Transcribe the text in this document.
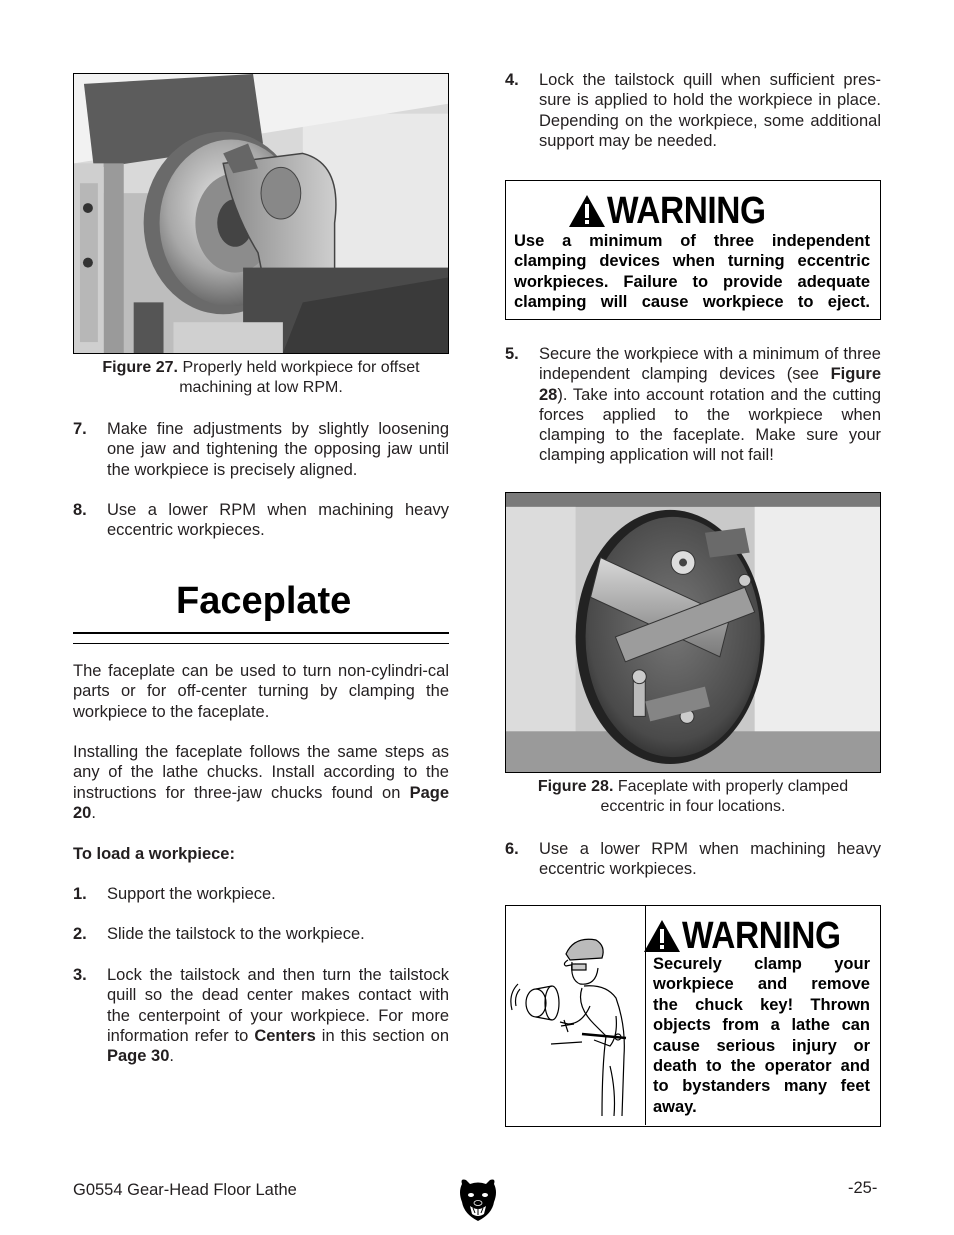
Figure 27. Properly held workpiece for offset machining at low RPM.
7. Make fine adjustments by slightly loosening one jaw and tightening the opposing jaw until the workpiece is precisely aligned.
8. Use a lower RPM when machining heavy eccentric workpieces.
Faceplate
The faceplate can be used to turn non-cylindri-cal parts or for off-center turning by clamping the workpiece to the faceplate.
Installing the faceplate follows the same steps as any of the lathe chucks. Install according to the instructions for three-jaw chucks found on Page 20.
To load a workpiece:
1. Support the workpiece.
2. Slide the tailstock to the workpiece.
3. Lock the tailstock and then turn the tailstock quill so the dead center makes contact with the centerpoint of your workpiece. For more information refer to Centers in this section on Page 30.
4. Lock the tailstock quill when sufficient pres-sure is applied to hold the workpiece in place. Depending on the workpiece, some additional support may be needed.
WARNING
Use a minimum of three independent
clamping devices when turning eccentric
workpieces. Failure to provide adequate
clamping will cause workpiece to eject.
5. Secure the workpiece with a minimum of three independent clamping devices (see Figure 28). Take into account rotation and the cutting forces applied to the workpiece when clamping to the faceplate. Make sure your clamping application will not fail!
Figure 28. Faceplate with properly clamped eccentric in four locations.
6. Use a lower RPM when machining heavy eccentric workpieces.
WARNING
Securely clamp your
workpiece and remove
the chuck key! Thrown
objects from a lathe can
cause serious injury or
death to the operator and
to bystanders many feet
away.
G0554 Gear-Head Floor Lathe	-25-
